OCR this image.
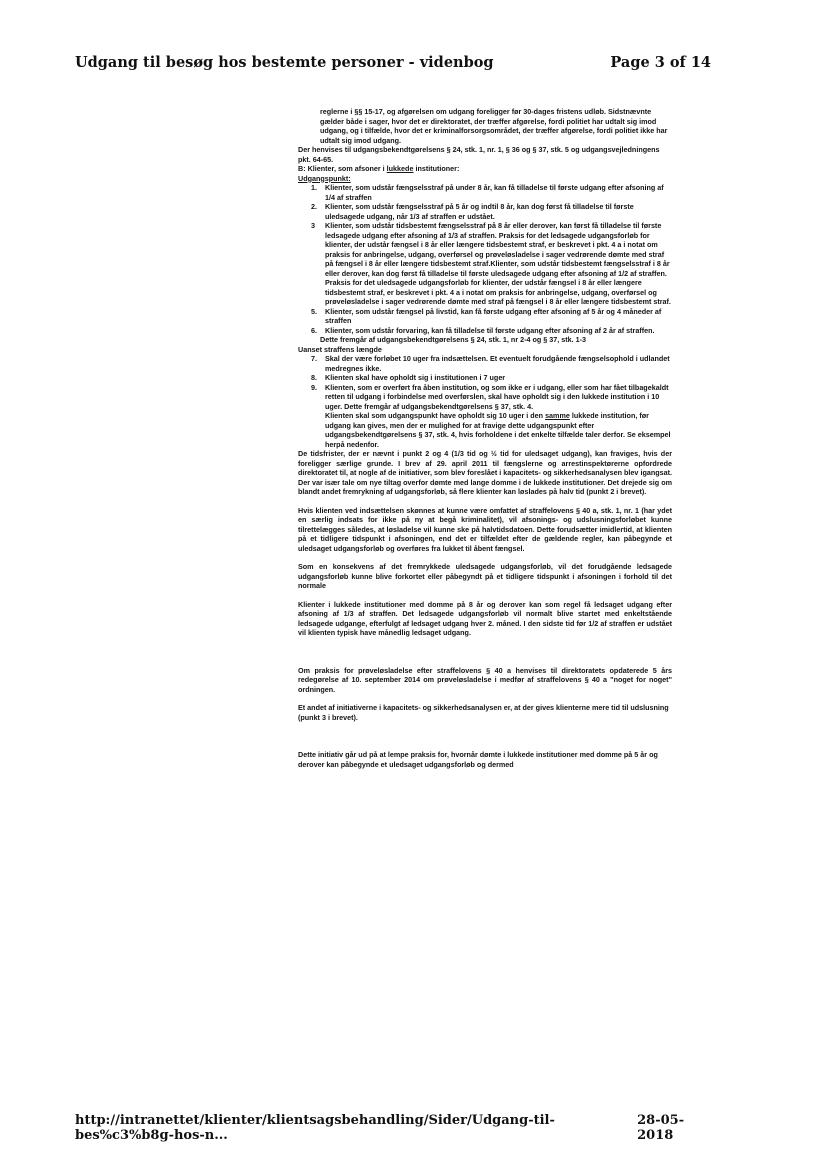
Udgang til besøg hos bestemte personer - videnbog	Page 3 of 14

reglerne i §§ 15-17, og afgørelsen om udgang foreligger før 30-dages fristens udløb. Sidstnævnte gælder både i sager, hvor det er direktoratet, der træffer afgørelse, fordi politiet har udtalt sig imod udgang, og i tilfælde, hvor det er kriminalforsorgsområdet, der træffer afgørelse, fordi politiet ikke har udtalt sig imod udgang.

Der henvises til udgangsbekendtgørelsens § 24, stk. 1, nr. 1, § 36 og § 37, stk. 5 og udgangsvejledningens pkt. 64-65.

B: Klienter, som afsoner i lukkede institutioner:

Udgangspunkt:

1. Klienter, som udstår fængselsstraf på under 8 år, kan få tilladelse til første udgang efter afsoning af 1/4 af straffen
2. Klienter, som udstår fængselsstraf på 5 år og indtil 8 år, kan dog først få tilladelse til første uledsagede udgang, når 1/3 af straffen er udstået.
3 Klienter, som udstår tidsbestemt fængselsstraf på 8 år eller derover, kan først få tilladelse til første ledsagede udgang efter afsoning af 1/3 af straffen. Praksis for det ledsagede udgangsforløb for klienter, der udstår fængsel i 8 år eller længere tidsbestemt straf, er beskrevet i pkt. 4 a i notat om praksis for anbringelse, udgang, overførsel og prøveløsladelse i sager vedrørende dømte med straf på fængsel i 8 år eller længere tidsbestemt straf.Klienter, som udstår tidsbestemt fængselsstraf i 8 år eller derover, kan dog først få tilladelse til første uledsagede udgang efter afsoning af 1/2 af straffen. Praksis for det uledsagede udgangsforløb for klienter, der udstår fængsel i 8 år eller længere tidsbestemt straf, er beskrevet i pkt. 4 a i notat om praksis for anbringelse, udgang, overførsel og prøveløsladelse i sager vedrørende dømte med straf på fængsel i 8 år eller længere tidsbestemt straf.
5. Klienter, som udstår fængsel på livstid, kan få første udgang efter afsoning af 5 år og 4 måneder af straffen
6. Klienter, som udstår forvaring, kan få tilladelse til første udgang efter afsoning af 2 år af straffen.

Dette fremgår af udgangsbekendtgørelsens § 24, stk. 1, nr 2-4 og § 37, stk. 1-3

Uanset straffens længde

7. Skal der være forløbet 10 uger fra indsættelsen. Et eventuelt forudgående fængselsophold i udlandet medregnes ikke.
8. Klienten skal have opholdt sig i institutionen i 7 uger
9. Klienten, som er overført fra åben institution, og som ikke er i udgang, eller som har fået tilbagekaldt retten til udgang i forbindelse med overførslen, skal have opholdt sig i den lukkede institution i 10 uger. Dette fremgår af udgangsbekendtgørelsens § 37, stk. 4.

Klienten skal som udgangspunkt have opholdt sig 10 uger i den samme lukkede institution, før udgang kan gives, men der er mulighed for at fravige dette udgangspunkt efter udgangsbekendtgørelsens § 37, stk. 4, hvis forholdene i det enkelte tilfælde taler derfor. Se eksempel herpå nedenfor.

De tidsfrister, der er nævnt i punkt 2 og 4 (1/3 tid og ½ tid for uledsaget udgang), kan fraviges, hvis der foreligger særlige grunde. I brev af 29. april 2011 til fængslerne og arrestinspektørerne opfordrede direktoratet til, at nogle af de initiativer, som blev foreslået i kapacitets- og sikkerhedsanalysen blev igangsat. Der var især tale om nye tiltag overfor dømte med lange domme i de lukkede institutioner. Det drejede sig om blandt andet fremrykning af udgangsforløb, så flere klienter kan løslades på halv tid (punkt 2 i brevet).

Hvis klienten ved indsættelsen skønnes at kunne være omfattet af straffelovens § 40 a, stk. 1, nr. 1 (har ydet en særlig indsats for ikke på ny at begå kriminalitet), vil afsonings- og udslusningsforløbet kunne tilrettelægges således, at løsladelse vil kunne ske på halvtidsdatoen. Dette forudsætter imidlertid, at klienten på et tidligere tidspunkt i afsoningen, end det er tilfældet efter de gældende regler, kan påbegynde et uledsaget udgangsforløb og overføres fra lukket til åbent fængsel.

Som en konsekvens af det fremrykkede uledsagede udgangsforløb, vil det forudgående ledsagede udgangsforløb kunne blive forkortet eller påbegyndt på et tidligere tidspunkt i afsoningen i forhold til det normale

Klienter i lukkede institutioner med domme på 8 år og derover kan som regel få ledsaget udgang efter afsoning af 1/3 af straffen. Det ledsagede udgangsforløb vil normalt blive startet med enkeltstående ledsagede udgange, efterfulgt af ledsaget udgang hver 2. måned. I den sidste tid før 1/2 af straffen er udstået vil klienten typisk have månedlig ledsaget udgang.

Om praksis for prøveløsladelse efter straffelovens § 40 a henvises til direktoratets opdaterede 5 års redegørelse af 10. september 2014 om prøveløsladelse i medfør af straffelovens § 40 a "noget for noget" ordningen.

Et andet af initiativerne i kapacitets- og sikkerhedsanalysen er, at der gives klienterne mere tid til udslusning (punkt 3 i brevet).

Dette initiativ går ud på at lempe praksis for, hvornår dømte i lukkede institutioner med domme på 5 år og derover kan påbegynde et uledsaget udgangsforløb og dermed

http://intranettet/klienter/klientsagsbehandling/Sider/Udgang-til-bes%c3%b8g-hos-n...
28-05-2018
